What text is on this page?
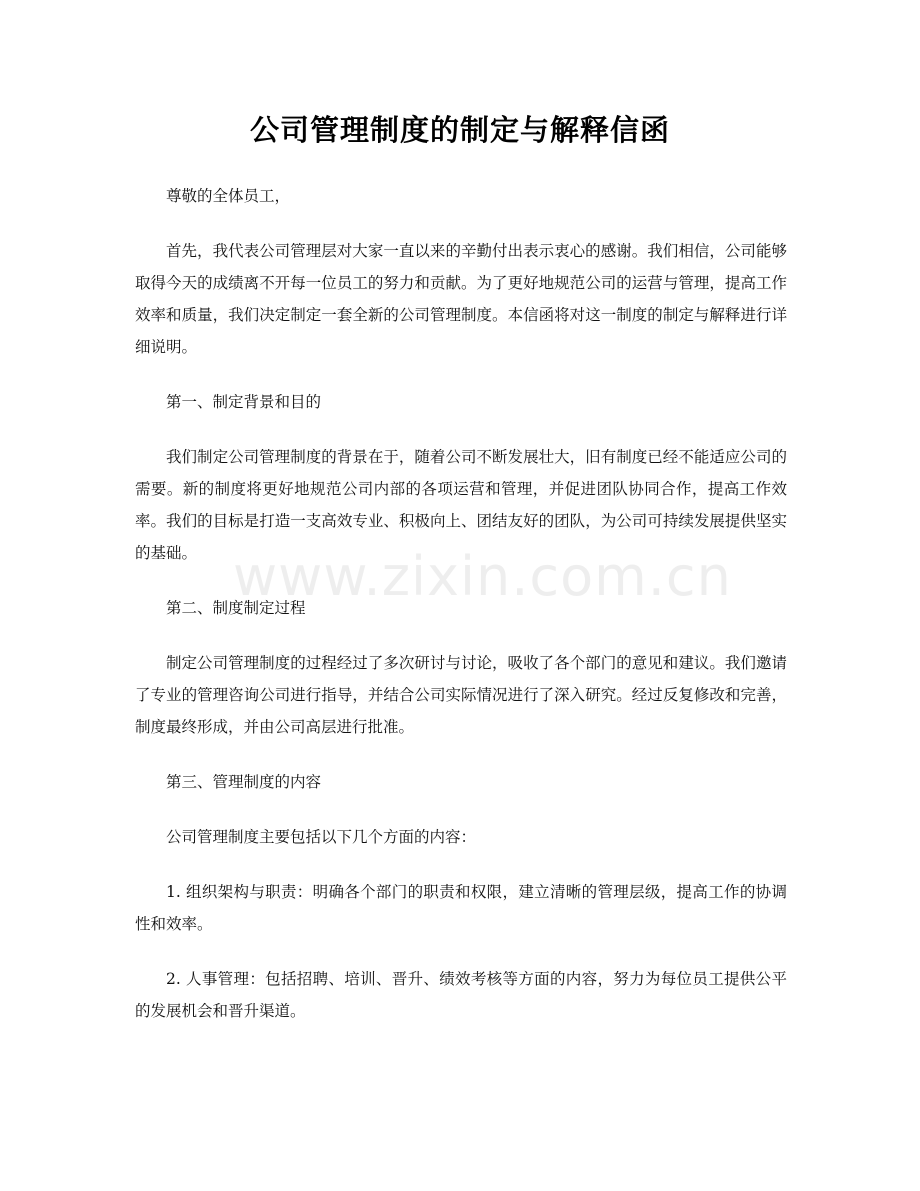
公司管理制度的制定与解释信函

尊敬的全体员工，

首先，我代表公司管理层对大家一直以来的辛勤付出表示衷心的感谢。我们相信，公司能够取得今天的成绩离不开每一位员工的努力和贡献。为了更好地规范公司的运营与管理，提高工作效率和质量，我们决定制定一套全新的公司管理制度。本信函将对这一制度的制定与解释进行详细说明。

第一、制定背景和目的

我们制定公司管理制度的背景在于，随着公司不断发展壮大，旧有制度已经不能适应公司的需要。新的制度将更好地规范公司内部的各项运营和管理，并促进团队协同合作，提高工作效率。我们的目标是打造一支高效专业、积极向上、团结友好的团队，为公司可持续发展提供坚实的基础。

第二、制度制定过程

制定公司管理制度的过程经过了多次研讨与讨论，吸收了各个部门的意见和建议。我们邀请了专业的管理咨询公司进行指导，并结合公司实际情况进行了深入研究。经过反复修改和完善，制度最终形成，并由公司高层进行批准。

第三、管理制度的内容

公司管理制度主要包括以下几个方面的内容：

1. 组织架构与职责：明确各个部门的职责和权限，建立清晰的管理层级，提高工作的协调性和效率。

2. 人事管理：包括招聘、培训、晋升、绩效考核等方面的内容，努力为每位员工提供公平的发展机会和晋升渠道。

www.zixin.com.cn
